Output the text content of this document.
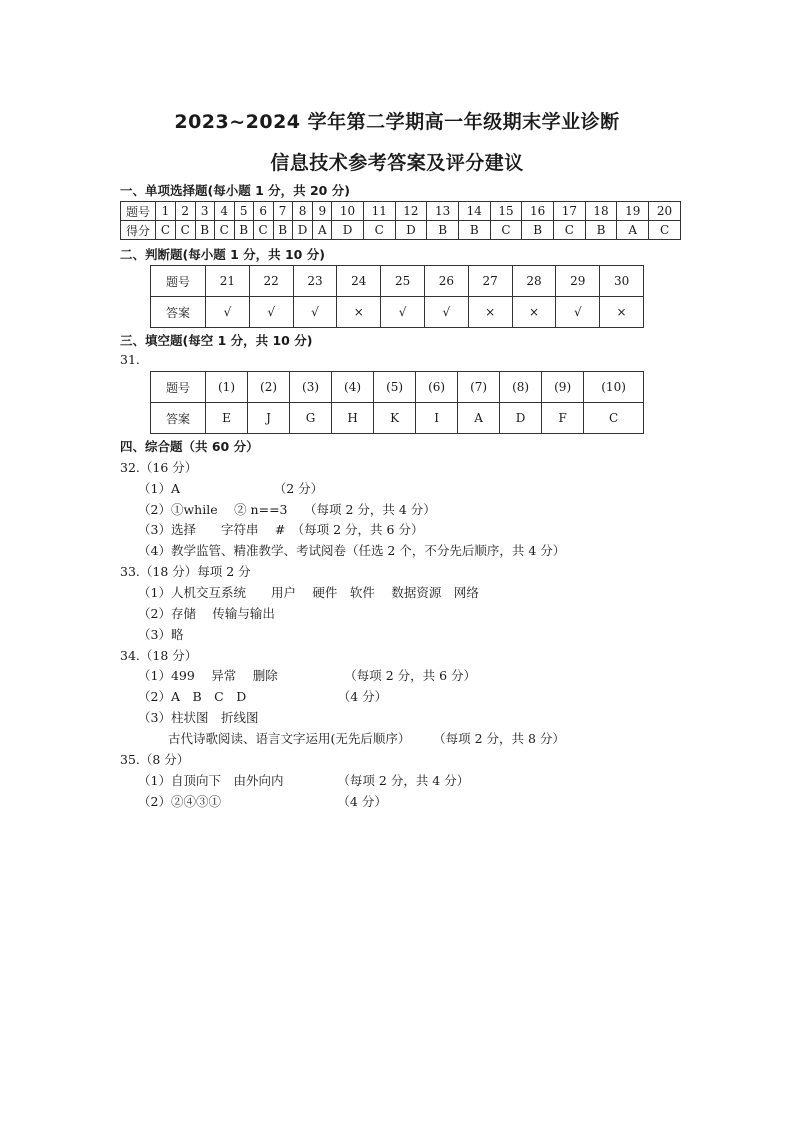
2023~2024 学年第二学期高一年级期末学业诊断
信息技术参考答案及评分建议
一、单项选择题(每小题 1 分，共 20 分)
题号	1	2	3	4	5	6	7	8	9	10	11	12	13	14	15	16	17	18	19	20
得分	C	C	B	C	B	C	B	D	A	D	C	D	B	B	C	B	C	B	A	C
二、判断题(每小题 1 分，共 10 分)
题号	21	22	23	24	25	26	27	28	29	30
答案	√	√	√	×	√	√	×	×	√	×
三、填空题(每空 1 分，共 10 分)
31.
题号	(1)	(2)	(3)	(4)	(5)	(6)	(7)	(8)	(9)	(10)
答案	E	J	G	H	K	I	A	D	F	C
四、综合题（共 60 分）
32.（16 分）
（1）A　　　　　　　　（2 分）
（2）①while　 ② n==3　 （每项 2 分，共 4 分）
（3）选择　　字符串　 #　（每项 2 分，共 6 分）
（4）教学监管、精准教学、考试阅卷（任选 2 个，不分先后顺序，共 4 分）
33.（18 分）每项 2 分
（1）人机交互系统　　用户　 硬件　软件　 数据资源　网络
（2）存储　 传输与输出
（3）略
34.（18 分）
（1）499　 异常　 删除　　　　　 （每项 2 分，共 6 分）
（2）A　B　C　D　　　　　　　 （4 分）
（3）柱状图　折线图
古代诗歌阅读、语言文字运用(无先后顺序）　　 （每项 2 分，共 8 分）
35.（8 分）
（1）自顶向下　由外向内　　　　 （每项 2 分，共 4 分）
（2）②④③①　　　　　　　　　 （4 分）
